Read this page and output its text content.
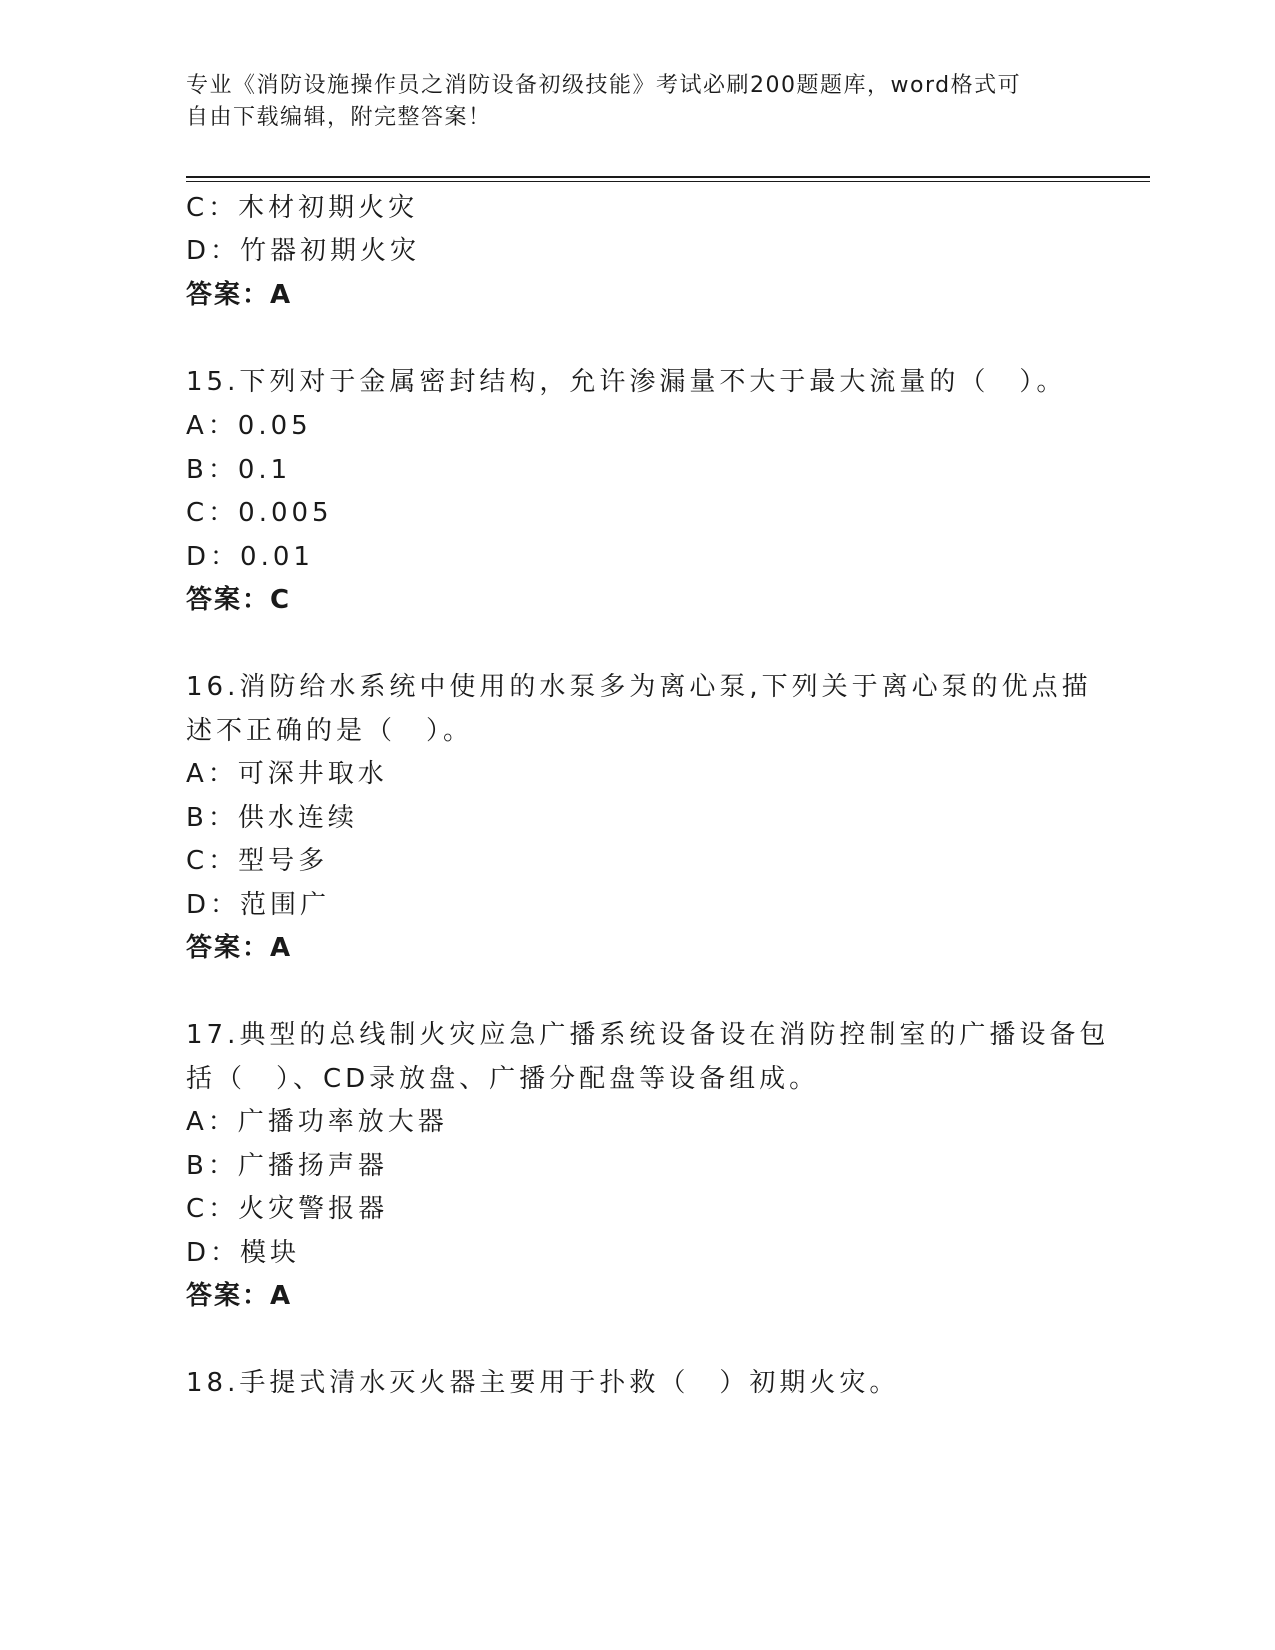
专业《消防设施操作员之消防设备初级技能》考试必刷200题题库，word格式可
自由下载编辑，附完整答案！
C：木材初期火灾
D：竹器初期火灾
答案：A
15.下列对于金属密封结构，允许渗漏量不大于最大流量的（　）。
A：0.05
B：0.1
C：0.005
D：0.01
答案：C
16.消防给水系统中使用的水泵多为离心泵,下列关于离心泵的优点描
述不正确的是（　）。
A：可深井取水
B：供水连续
C：型号多
D：范围广
答案：A
17.典型的总线制火灾应急广播系统设备设在消防控制室的广播设备包
括（　）、CD录放盘、广播分配盘等设备组成。
A：广播功率放大器
B：广播扬声器
C：火灾警报器
D：模块
答案：A
18.手提式清水灭火器主要用于扑救（　）初期火灾。
